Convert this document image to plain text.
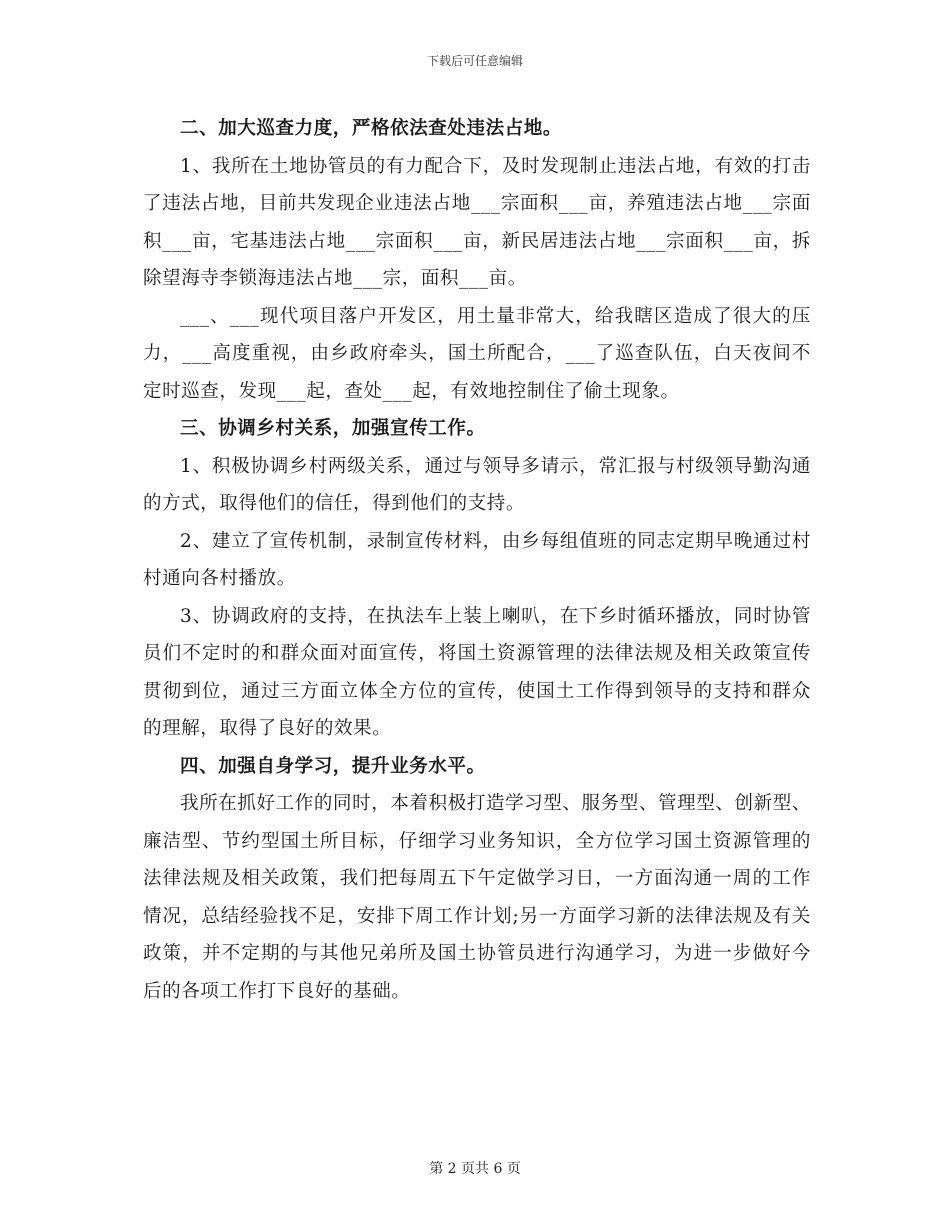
下载后可任意编辑

二、加大巡查力度，严格依法查处违法占地。

1、我所在土地协管员的有力配合下，及时发现制止违法占地，有效的打击了违法占地，目前共发现企业违法占地___宗面积___亩，养殖违法占地___宗面积___亩，宅基违法占地___宗面积___亩，新民居违法占地___宗面积___亩，拆除望海寺李锁海违法占地___宗，面积___亩。

___、___现代项目落户开发区，用土量非常大，给我瞎区造成了很大的压力，___高度重视，由乡政府牵头，国土所配合，___了巡查队伍，白天夜间不定时巡查，发现___起，查处___起，有效地控制住了偷土现象。

三、协调乡村关系，加强宣传工作。

1、积极协调乡村两级关系，通过与领导多请示，常汇报与村级领导勤沟通的方式，取得他们的信任，得到他们的支持。

2、建立了宣传机制，录制宣传材料，由乡每组值班的同志定期早晚通过村村通向各村播放。

3、协调政府的支持，在执法车上装上喇叭，在下乡时循环播放，同时协管员们不定时的和群众面对面宣传，将国土资源管理的法律法规及相关政策宣传贯彻到位，通过三方面立体全方位的宣传，使国土工作得到领导的支持和群众的理解，取得了良好的效果。

四、加强自身学习，提升业务水平。

我所在抓好工作的同时，本着积极打造学习型、服务型、管理型、创新型、廉洁型、节约型国土所目标，仔细学习业务知识，全方位学习国土资源管理的法律法规及相关政策，我们把每周五下午定做学习日，一方面沟通一周的工作情况，总结经验找不足，安排下周工作计划;另一方面学习新的法律法规及有关政策，并不定期的与其他兄弟所及国土协管员进行沟通学习，为进一步做好今后的各项工作打下良好的基础。

第 2 页共 6 页
